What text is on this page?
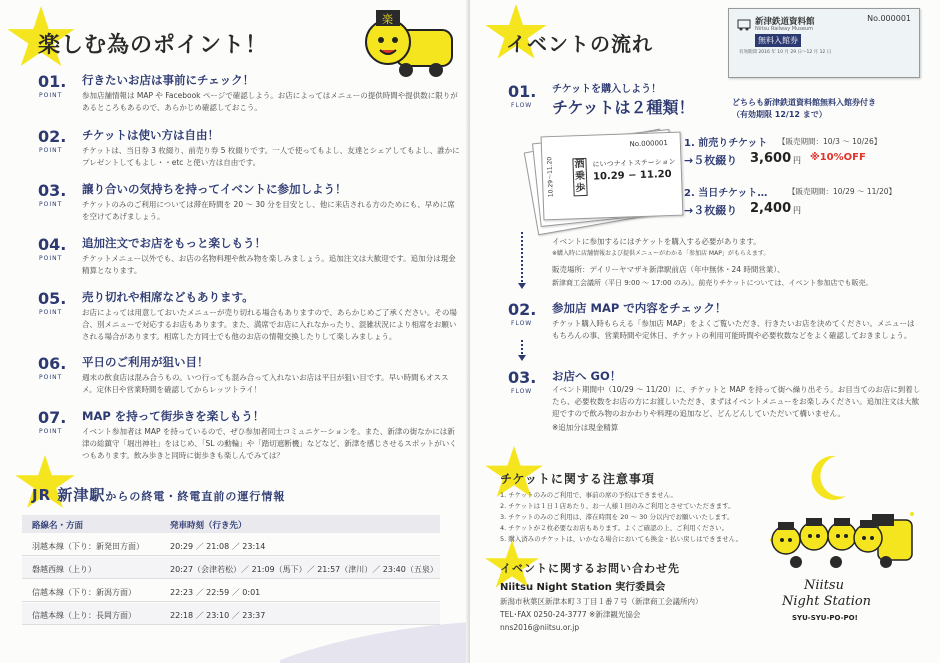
楽しむ為のポイント！
楽
01.
POINT
行きたいお店は事前にチェック！
参加店舗情報は MAP や Facebook ページで確認しよう。お店によってはメニューの提供時間や提供数に限りがあるところもあるので、あらかじめ確認しておこう。
02.
POINT
チケットは使い方は自由！
チケットは、当日券 3 枚綴り、前売り券 5 枚綴りです。一人で使ってもよし、友達とシェアしてもよし、誰かにプレゼントしてもよし・・etc と使い方は自由です。
03.
POINT
譲り合いの気持ちを持ってイベントに参加しよう！
チケットのみのご利用については滞在時間を 20 〜 30 分を目安とし、他に来店される方のためにも、早めに席を空けてあげましょう。
04.
POINT
追加注文でお店をもっと楽しもう！
チケットメニュー以外でも、お店の名物料理や飲み物を楽しみましょう。追加注文は大歓迎です。追加分は現金精算となります。
05.
POINT
売り切れや相席などもあります。
お店によっては用意しておいたメニューが売り切れる場合もありますので、あらかじめご了承ください。その場合、別メニューで対応するお店もあります。また、満席でお店に入れなかったり、混雑状況により相席をお願いされる場合があります。相席した方同士でも他のお店の情報交換したりして楽しみましょう。
06.
POINT
平日のご利用が狙い目！
週末の飲食店は混み合うもの。いつ行っても混み合って入れないお店は平日が狙い目です。早い時間もオススメ。定休日や営業時間を確認してからレッツトライ！
07.
POINT
MAP を持って街歩きを楽しもう！
イベント参加者は MAP を持っているので、ぜひ参加者同士コミュニケーションを。また、新津の街なかには新津の総鎮守「堀出神社」をはじめ、「SL の動輪」や「踏切遮断機」などなど、新津を感じさせるスポットがいくつもあります。飲み歩きと同時に街歩きも楽しんでみては？
JR 新津駅からの終電・終電直前の運行情報
路線名・方面	発車時刻（行き先）
羽越本線（下り：新発田方面）	20:29 ／ 21:08 ／ 23:14
磐越西線（上り）	20:27（会津若松）／ 21:09（馬下）／ 21:57（津川）／ 23:40（五泉）
信越本線（下り：新潟方面）	22:23 ／ 22:59 ／ 0:01
信越本線（上り：長岡方面）	22:18 ／ 23:10 ／ 23:37
イベントの流れ
No.000001
新津鉄道資料館
Niitsu Railway Museum
無料入館券
有効期間 2016 年 10 月 29 日〜12 月 12 日
01.
FLOW
チケットを購入しよう！
チケットは２種類！	どちらも新津鉄道資料館無料入館券付き
（有効期限 12/12 まで）
No.000001
にいつナイトステーション
10.29 − 11.20
酒乗歩
10.29〜11.20
1. 前売りチケット 【販売期間：10/3 〜 10/26】
→５枚綴り 3,600 円 ※10%OFF
2. 当日チケット…	【販売期間：10/29 〜 11/20】
→３枚綴り 2,400 円
イベントに参加するにはチケットを購入する必要があります。
※購入時に店舗情報および提供メニューがわかる「参加店 MAP」がもらえます。
販売場所：デイリーヤマザキ新津駅前店（年中無休・24 時間営業）、
新津商工会議所（平日 9:00 〜 17:00 のみ）。前売りチケットについては、イベント参加店でも販売。
02.
FLOW
参加店 MAP で内容をチェック！
チケット購入時もらえる「参加店 MAP」をよくご覧いただき、行きたいお店を決めてください。メニューはもちろんの事、営業時間や定休日、チケットの利用可能時間や必要枚数などをよく確認しておきましょう。
03.
FLOW
お店へ GO！
イベント期間中（10/29 〜 11/20）に、チケットと MAP を持って街へ繰り出そう。お目当てのお店に到着したら、必要枚数をお店の方にお渡しいただき、まずはイベントメニューをお楽しみください。追加注文は大歓迎ですので飲み物のおかわりや料理の追加など、どんどんしていただいて構いません。
※追加分は現金精算
チケットに関する注意事項
1. チケットのみのご利用で、事前の席の予約はできません。
2. チケットは１日１店あたり、お一人様１回のみご利用とさせていただきます。
3. チケットのみのご利用は、滞在時間を 20 〜 30 分以内でお願いいたします。
4. チケットが２枚必要なお店もあります。よくご確認の上、ご利用ください。
5. 購入済みのチケットは、いかなる場合においても換金・払い戻しはできません。
イベントに関するお問い合わせ先
Niitsu Night Station 実行委員会
新潟市秋葉区新津本町３丁目１番７号（新津商工会議所内）
TEL･FAX 0250-24-3777 ※新津観光協会
nns2016@niitsu.or.jp
Niitsu
Night Station
SYU-SYU-PO-PO!
